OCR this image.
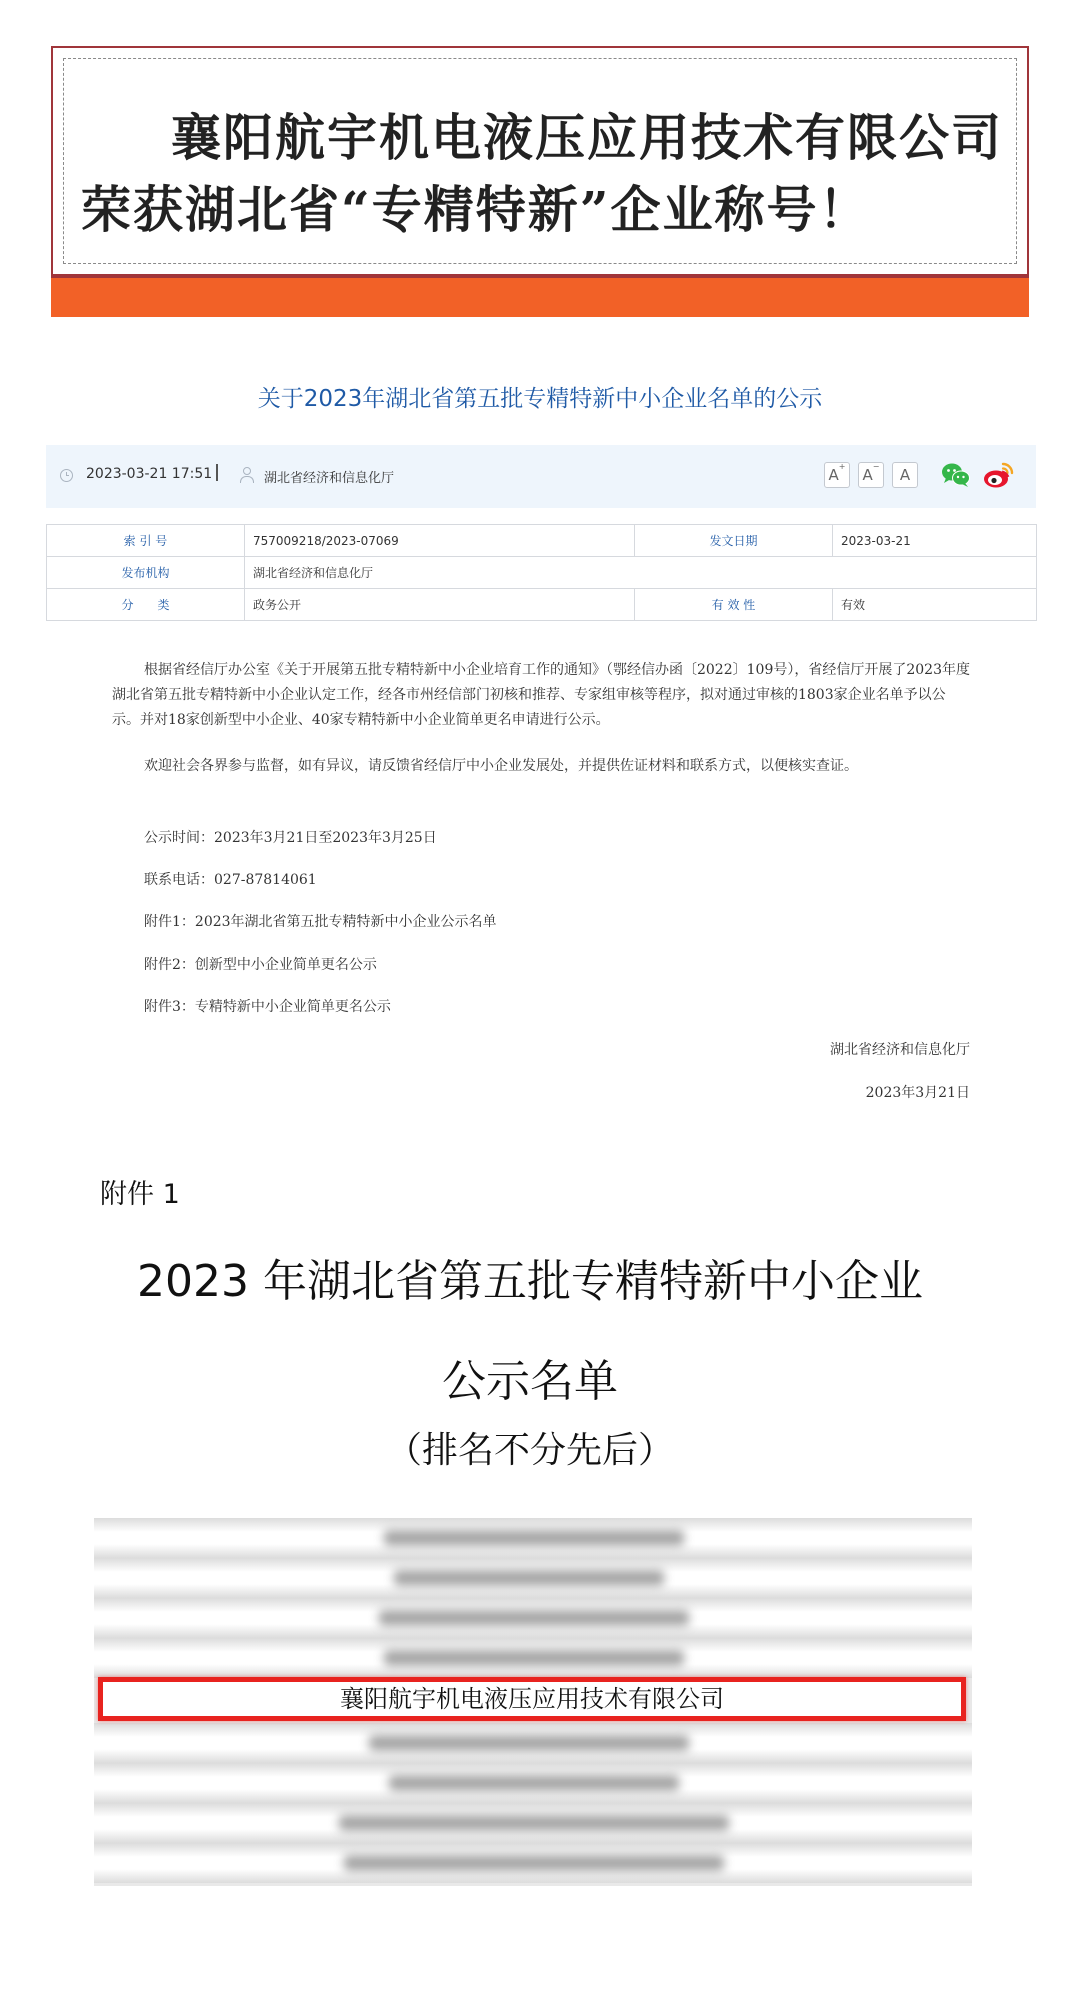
襄阳航宇机电液压应用技术有限公司
荣获湖北省“专精特新”企业称号！
关于2023年湖北省第五批专精特新中小企业名单的公示
2023-03-21 17:51	湖北省经济和信息化厅	A+	A−	A
索 引 号	757009218/2023-07069	发文日期	2023-03-21
发布机构	湖北省经济和信息化厅		
分　　类	政务公开	有 效 性	有效
根据省经信厅办公室《关于开展第五批专精特新中小企业培育工作的通知》（鄂经信办函〔2022〕109号），省经信厅开展了2023年度湖北省第五批专精特新中小企业认定工作，经各市州经信部门初核和推荐、专家组审核等程序，拟对通过审核的1803家企业名单予以公示。并对18家创新型中小企业、40家专精特新中小企业简单更名申请进行公示。
欢迎社会各界参与监督，如有异议，请反馈省经信厅中小企业发展处，并提供佐证材料和联系方式，以便核实查证。
公示时间：2023年3月21日至2023年3月25日
联系电话：027-87814061
附件1：2023年湖北省第五批专精特新中小企业公示名单
附件2：创新型中小企业简单更名公示
附件3：专精特新中小企业简单更名公示
湖北省经济和信息化厅
2023年3月21日
附件 1
2023 年湖北省第五批专精特新中小企业
公示名单
（排名不分先后）
襄阳航宇机电液压应用技术有限公司
